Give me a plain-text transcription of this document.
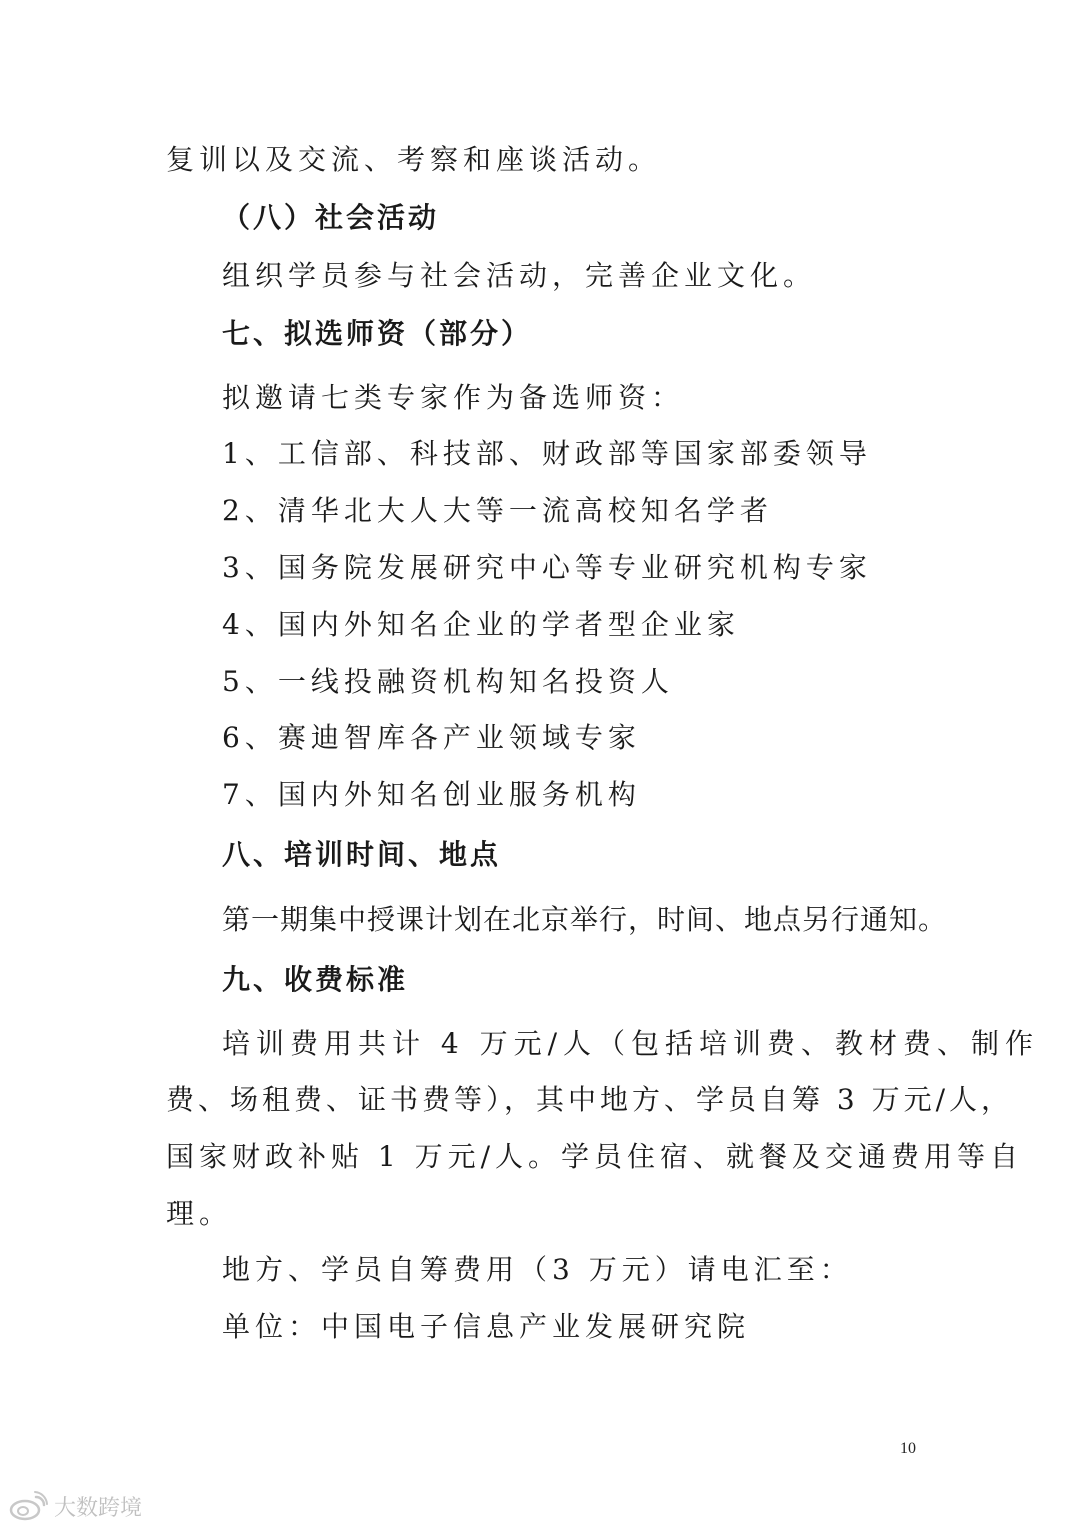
复训以及交流、考察和座谈活动。
（八）社会活动
组织学员参与社会活动，完善企业文化。
七、拟选师资（部分）
拟邀请七类专家作为备选师资：
1、工信部、科技部、财政部等国家部委领导
2、清华北大人大等一流高校知名学者
3、国务院发展研究中心等专业研究机构专家
4、国内外知名企业的学者型企业家
5、一线投融资机构知名投资人
6、赛迪智库各产业领域专家
7、国内外知名创业服务机构
八、培训时间、地点
第一期集中授课计划在北京举行，时间、地点另行通知。
九、收费标准
培训费用共计 4 万元/人（包括培训费、教材费、制作
费、场租费、证书费等），其中地方、学员自筹 3 万元/人，
国家财政补贴 1 万元/人。学员住宿、就餐及交通费用等自
理。
地方、学员自筹费用（3 万元）请电汇至：
单位：中国电子信息产业发展研究院
10
大数跨境
